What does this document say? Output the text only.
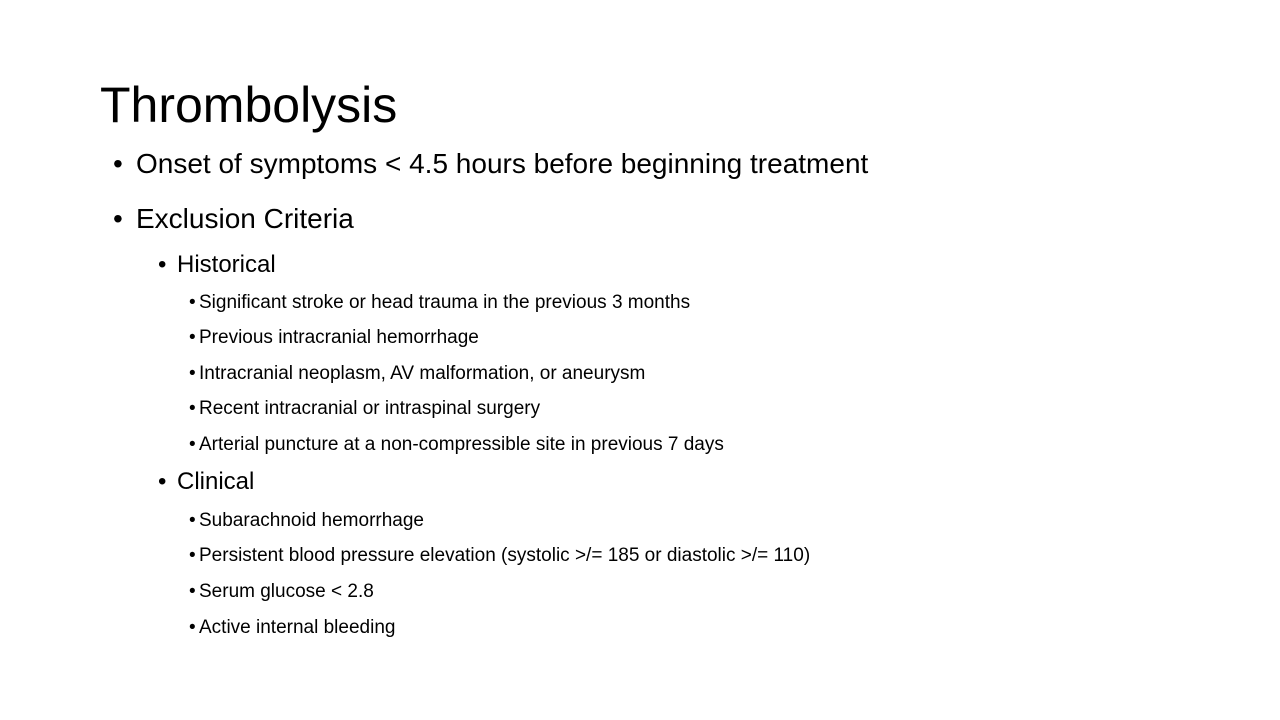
Thrombolysis
• Onset of symptoms < 4.5 hours before beginning treatment
• Exclusion Criteria
• Historical
• Significant stroke or head trauma in the previous 3 months
• Previous intracranial hemorrhage
• Intracranial neoplasm, AV malformation, or aneurysm
• Recent intracranial or intraspinal surgery
• Arterial puncture at a non-compressible site in previous 7 days
• Clinical
• Subarachnoid hemorrhage
• Persistent blood pressure elevation (systolic >/= 185 or diastolic >/= 110)
• Serum glucose < 2.8
• Active internal bleeding
